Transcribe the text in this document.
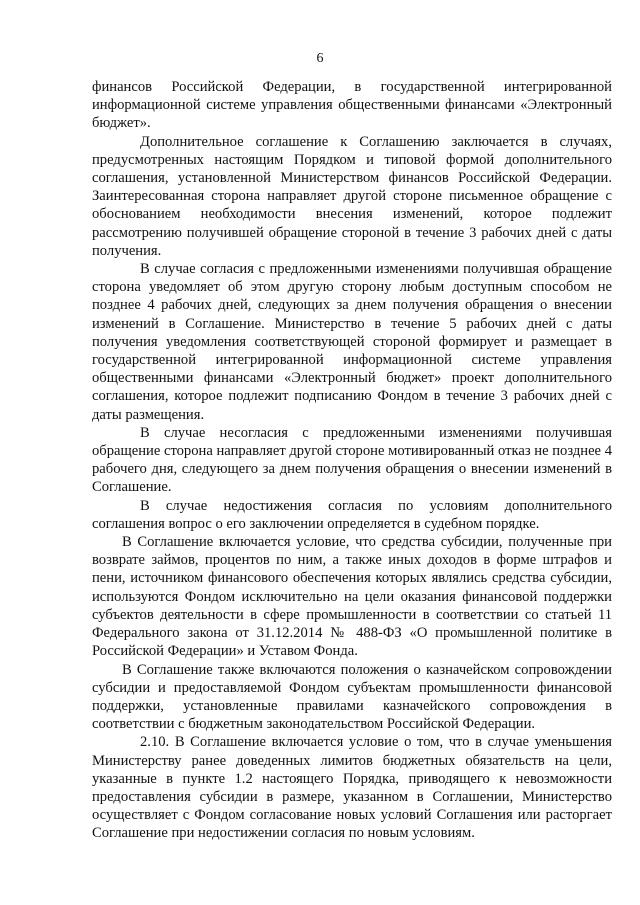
6

финансов Российской Федерации, в государственной интегрированной информационной системе управления общественными финансами «Электронный бюджет».

Дополнительное соглашение к Соглашению заключается в случаях, предусмотренных настоящим Порядком и типовой формой дополнительного соглашения, установленной Министерством финансов Российской Федерации. Заинтересованная сторона направляет другой стороне письменное обращение с обоснованием необходимости внесения изменений, которое подлежит рассмотрению получившей обращение стороной в течение 3 рабочих дней с даты получения.

В случае согласия с предложенными изменениями получившая обращение сторона уведомляет об этом другую сторону любым доступным способом не позднее 4 рабочих дней, следующих за днем получения обращения о внесении изменений в Соглашение. Министерство в течение 5 рабочих дней с даты получения уведомления соответствующей стороной формирует и размещает в государственной интегрированной информационной системе управления общественными финансами «Электронный бюджет» проект дополнительного соглашения, которое подлежит подписанию Фондом в течение 3 рабочих дней с даты размещения.

В случае несогласия с предложенными изменениями получившая обращение сторона направляет другой стороне мотивированный отказ не позднее 4 рабочего дня, следующего за днем получения обращения о внесении изменений в Соглашение.

В случае недостижения согласия по условиям дополнительного соглашения вопрос о его заключении определяется в судебном порядке.

В Соглашение включается условие, что средства субсидии, полученные при возврате займов, процентов по ним, а также иных доходов в форме штрафов и пени, источником финансового обеспечения которых являлись средства субсидии, используются Фондом исключительно на цели оказания финансовой поддержки субъектов деятельности в сфере промышленности в соответствии со статьей 11 Федерального закона от 31.12.2014 № 488-ФЗ «О промышленной политике в Российской Федерации» и Уставом Фонда.

В Соглашение также включаются положения о казначейском сопровождении субсидии и предоставляемой Фондом субъектам промышленности финансовой поддержки, установленные правилами казначейского сопровождения в соответствии с бюджетным законодательством Российской Федерации.

2.10. В Соглашение включается условие о том, что в случае уменьшения Министерству ранее доведенных лимитов бюджетных обязательств на цели, указанные в пункте 1.2 настоящего Порядка, приводящего к невозможности предоставления субсидии в размере, указанном в Соглашении, Министерство осуществляет с Фондом согласование новых условий Соглашения или расторгает Соглашение при недостижении согласия по новым условиям.
